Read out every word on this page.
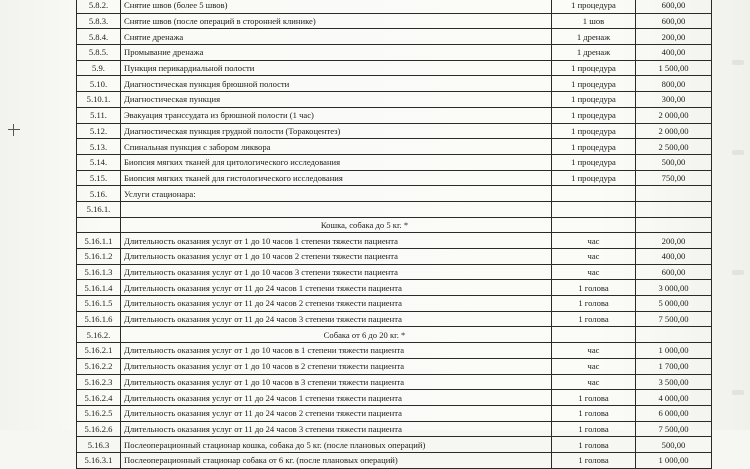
5.8.2.	Снятие швов (более 5 швов)	1 процедура	600,00
5.8.3.	Снятие швов (после операций в сторонней клинике)	1 шов	600,00
5.8.4.	Снятие дренажа	1 дренаж	200,00
5.8.5.	Промывание дренажа	1 дренаж	400,00
5.9.	Пункция перикардиальной полости	1 процедура	1 500,00
5.10.	Диагностическая пункция брюшной полости	1 процедура	800,00
5.10.1.	Диагностическая пункция	1 процедура	300,00
5.11.	Эвакуация транссудата из брюшной полости (1 час)	1 процедура	2 000,00
5.12.	Диагностическая пункция грудной полости (Торакоцентез)	1 процедура	2 000,00
5.13.	Спинальная пункция с забором ликвора	1 процедура	2 500,00
5.14.	Биопсия мягких тканей для цитологического исследования	1 процедура	500,00
5.15.	Биопсия мягких тканей для гистологического исследования	1 процедура	750,00
5.16.	Услуги стационара:		
5.16.1.			
	Кошка, собака до 5 кг. *		
5.16.1.1	Длительность оказания услуг от 1 до 10 часов 1 степени тяжести пациента	час	200,00
5.16.1.2	Длительность оказания услуг от 1 до 10 часов 2 степени тяжести пациента	час	400,00
5.16.1.3	Длительность оказания услуг от 1 до 10 часов 3 степени тяжести пациента	час	600,00
5.16.1.4	Длительность оказания услуг от 11 до 24 часов 1 степени тяжести пациента	1 голова	3 000,00
5.16.1.5	Длительность оказания услуг от 11 до 24 часов 2 степени тяжести пациента	1 голова	5 000,00
5.16.1.6	Длительность оказания услуг от 11 до 24 часов 3 степени тяжести пациента	1 голова	7 500,00
5.16.2.	Собака от 6 до 20 кг. *		
5.16.2.1	Длительность оказания услуг от 1 до 10 часов в 1 степени тяжести пациента	час	1 000,00
5.16.2.2	Длительность оказания услуг от 1 до 10 часов в 2 степени тяжести пациента	час	1 700,00
5.16.2.3	Длительность оказания услуг от 1 до 10 часов в 3 степени тяжести пациента	час	3 500,00
5.16.2.4	Длительность оказания услуг от 11 до 24 часов 1 степени тяжести пациента	1 голова	4 000,00
5.16.2.5	Длительность оказания услуг от 11 до 24 часов 2 степени тяжести пациента	1 голова	6 000,00
5.16.2.6	Длительность оказания услуг от 11 до 24 часов 3 степени тяжести пациента	1 голова	7 500,00
5.16.3	Послеоперационный стационар кошка, собака до 5 кг. (после плановых операций)	1 голова	500,00
5.16.3.1	Послеоперационный стационар собака от 6 кг. (после плановых операций)	1 голова	1 000,00
